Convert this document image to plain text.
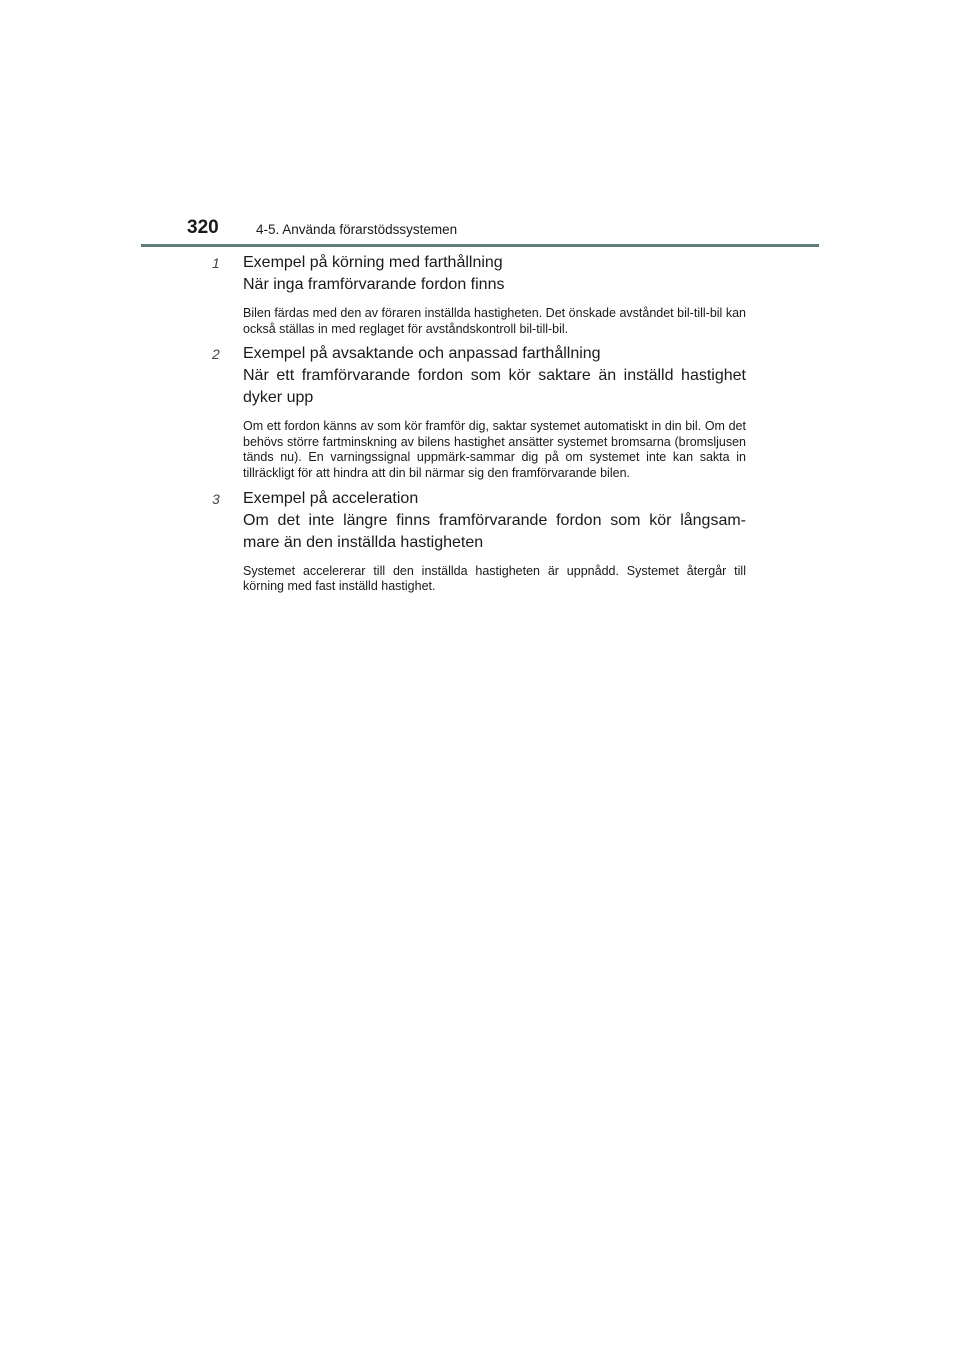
320	4-5. Använda förarstödssystemen
1 Exempel på körning med farthållning
När inga framförvarande fordon finns
Bilen färdas med den av föraren inställda hastigheten. Det önskade avståndet bil-till-bil kan också ställas in med reglaget för avståndskontroll bil-till-bil.
2 Exempel på avsaktande och anpassad farthållning
När ett framförvarande fordon som kör saktare än inställd hastighet
dyker upp
Om ett fordon känns av som kör framför dig, saktar systemet automatiskt in din bil. Om det behövs större fartminskning av bilens hastighet ansätter systemet bromsarna (bromsljusen tänds nu). En varningssignal uppmärk-sammar dig på om systemet inte kan sakta in tillräckligt för att hindra att din bil närmar sig den framförvarande bilen.
3 Exempel på acceleration
Om det inte längre finns framförvarande fordon som kör långsam-
mare än den inställda hastigheten
Systemet accelererar till den inställda hastigheten är uppnådd. Systemet återgår till körning med fast inställd hastighet.
